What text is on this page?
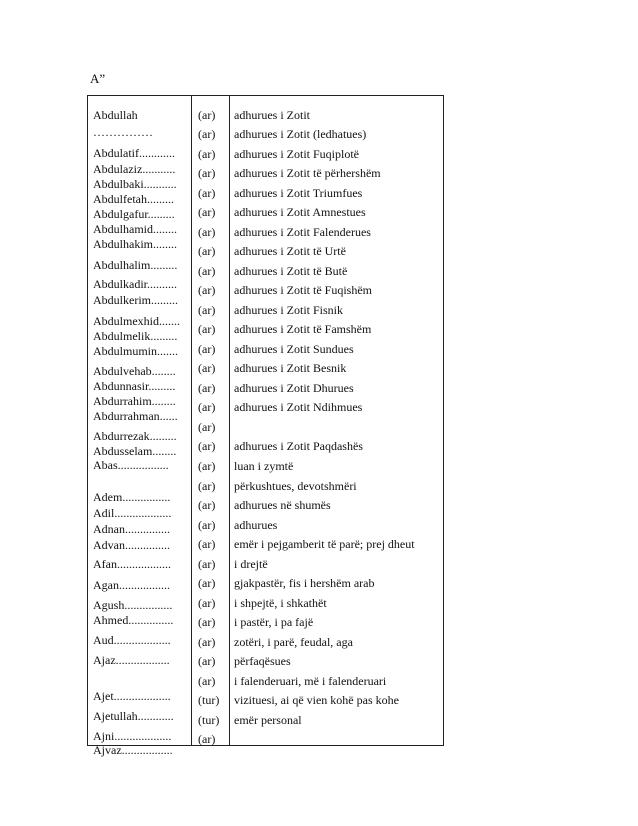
A”
Abdullah
……………
Abdulatif............
Abdulaziz...........
Abdulbaki...........
Abdulfetah.........
Abdulgafur.........
Abdulhamid........
Abdulhakim........
Abdulhalim.........
Abdulkadir..........
Abdulkerim.........
Abdulmexhid.......
Abdulmelik.........
Abdulmumin.......
Abdulvehab........
Abdunnasir.........
Abdurrahim........
Abdurrahman......
Abdurrezak.........
Abdusselam........
Abas.................
Adem................
Adil...................
Adnan...............
Advan...............
Afan..................
Agan.................
Agush................
Ahmed...............
Aud...................
Ajaz..................
Ajet...................
Ajetullah............
Ajni...................
Ajvaz.................
(ar)
(ar)
(ar)
(ar)
(ar)
(ar)
(ar)
(ar)
(ar)
(ar)
(ar)
(ar)
(ar)
(ar)
(ar)
(ar)
(ar)
(ar)
(ar)
(ar)
(ar)
(ar)
(ar)
(ar)
(ar)
(ar)
(ar)
(ar)
(ar)
(ar)
(tur)
(tur)
(ar)
adhurues i Zotit
adhurues i Zotit (ledhatues)
adhurues i Zotit Fuqiplotë
adhurues i Zotit të përhershëm
adhurues i Zotit Triumfues
adhurues i Zotit Amnestues
adhurues i Zotit Falenderues
adhurues i Zotit të Urtë
adhurues i Zotit të Butë
adhurues i Zotit të Fuqishëm
adhurues i Zotit Fisnik
adhurues i Zotit të Famshëm
adhurues i Zotit Sundues
adhurues i Zotit Besnik
adhurues i Zotit Dhurues
adhurues i Zotit Ndihmues
adhurues i Zotit Paqdashës
luan i zymtë
përkushtues, devotshmëri
adhurues në shumës
adhurues
emër i pejgamberit të parë; prej dheut
i drejtë
gjakpastër, fis i hershëm arab
i shpejtë, i shkathët
i pastër, i pa fajë
zotëri, i parë, feudal, aga
përfaqësues
i falenderuari, më i falenderuari
vizituesi, ai që vien kohë pas kohe
emër personal
